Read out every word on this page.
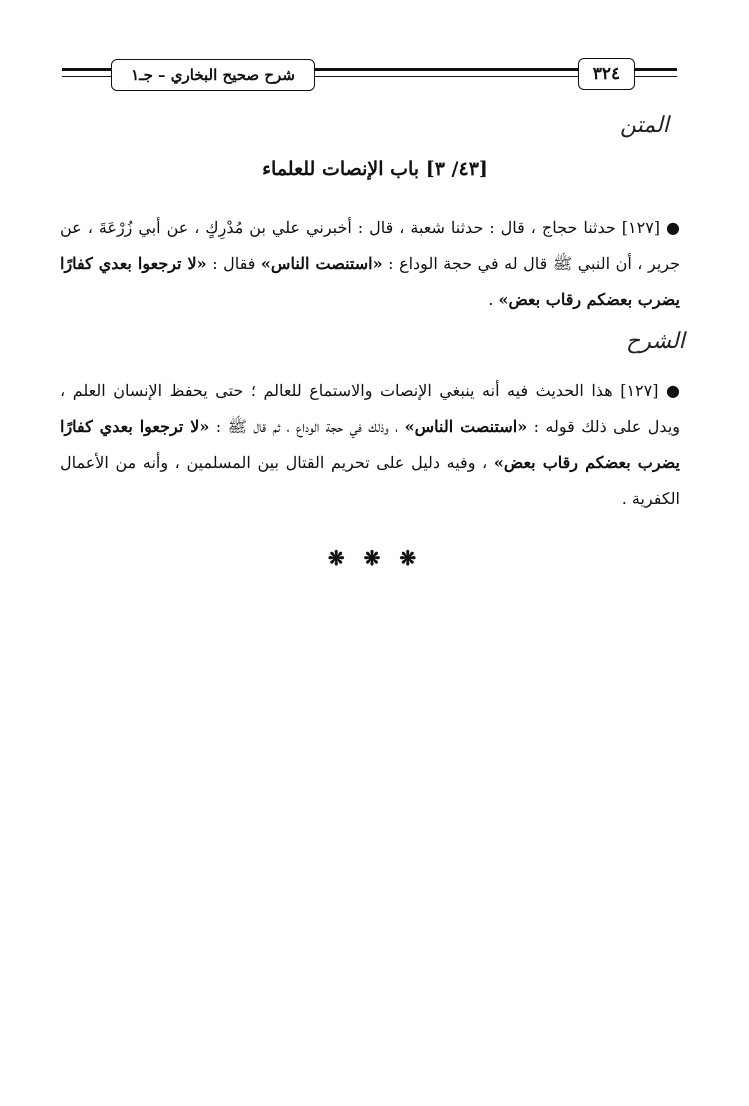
شرح صحيح البخاري – جـ١	٣٢٤
المتن
[٤٣/ ٣] باب الإنصات للعلماء
● [١٢٧] حدثنا حجاج ، قال : حدثنا شعبة ، قال : أخبرني علي بن مُدْرِكٍ ، عن أبي زُرْعَةَ ، عن جرير ، أن النبي ﷺ قال له في حجة الوداع : «استنصت الناس» فقال : «لا ترجعوا بعدي كفارًا يضرب بعضكم رقاب بعض» .
الشرح
● [١٢٧] هذا الحديث فيه أنه ينبغي الإنصات والاستماع للعالم ؛ حتى يحفظ الإنسان العلم ، ويدل على ذلك قوله : «استنصت الناس» ، وذلك في حجة الوداع ، ثم قال ﷺ : «لا ترجعوا بعدي كفارًا يضرب بعضكم رقاب بعض» ، وفيه دليل على تحريم القتال بين المسلمين ، وأنه من الأعمال الكفرية .
❋ ❋ ❋
